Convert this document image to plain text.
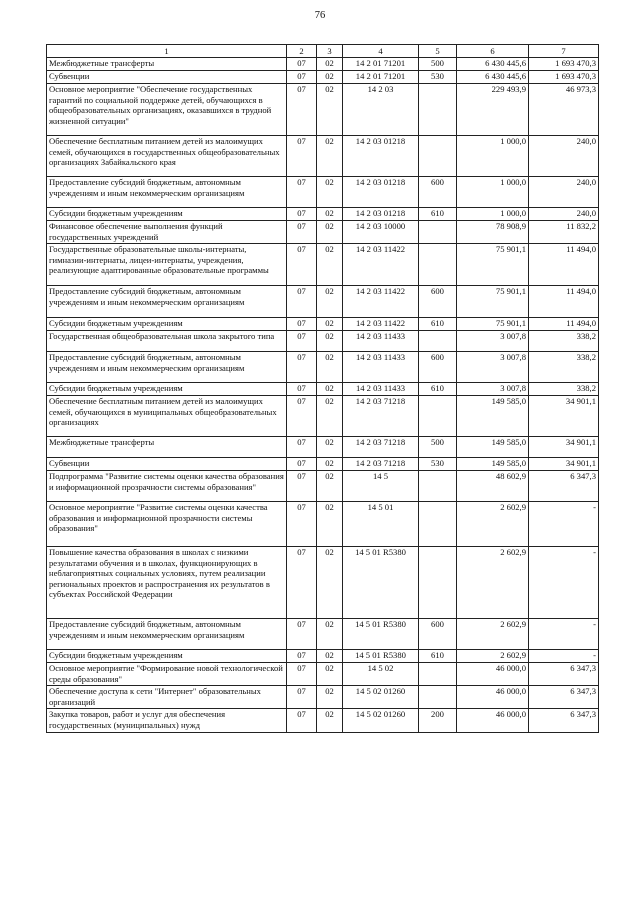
76
1	2	3	4	5	6	7
Межбюджетные трансферты	07	02	14 2 01 71201	500	6 430 445,6	1 693 470,3
Субвенции	07	02	14 2 01 71201	530	6 430 445,6	1 693 470,3
Основное мероприятие "Обеспечение государственных гарантий по социальной поддержке детей, обучающихся в общеобразовательных организациях, оказавшихся в трудной жизненной ситуации"	07	02	14 2 03		229 493,9	46 973,3
Обеспечение бесплатным питанием детей из малоимущих семей, обучающихся в государственных общеобразовательных организациях Забайкальского края	07	02	14 2 03 01218		1 000,0	240,0
Предоставление субсидий бюджетным, автономным учреждениям и иным некоммерческим организациям	07	02	14 2 03 01218	600	1 000,0	240,0
Субсидии бюджетным учреждениям	07	02	14 2 03 01218	610	1 000,0	240,0
Финансовое обеспечение выполнения функций государственных учреждений	07	02	14 2 03 10000		78 908,9	11 832,2
Государственные образовательные школы-интернаты, гимназии-интернаты, лицеи-интернаты, учреждения, реализующие адаптированные образовательные программы	07	02	14 2 03 11422		75 901,1	11 494,0
Предоставление субсидий бюджетным, автономным учреждениям и иным некоммерческим организациям	07	02	14 2 03 11422	600	75 901,1	11 494,0
Субсидии бюджетным учреждениям	07	02	14 2 03 11422	610	75 901,1	11 494,0
Государственная общеобразовательная школа закрытого типа	07	02	14 2 03 11433		3 007,8	338,2
Предоставление субсидий бюджетным, автономным учреждениям и иным некоммерческим организациям	07	02	14 2 03 11433	600	3 007,8	338,2
Субсидии бюджетным учреждениям	07	02	14 2 03 11433	610	3 007,8	338,2
Обеспечение бесплатным питанием детей из малоимущих семей, обучающихся в муниципальных общеобразовательных организациях	07	02	14 2 03 71218		149 585,0	34 901,1
Межбюджетные трансферты	07	02	14 2 03 71218	500	149 585,0	34 901,1
Субвенции	07	02	14 2 03 71218	530	149 585,0	34 901,1
Подпрограмма "Развитие системы оценки качества образования и информационной прозрачности системы образования"	07	02	14 5		48 602,9	6 347,3
Основное мероприятие "Развитие системы оценки качества образования и информационной прозрачности системы образования"	07	02	14 5 01		2 602,9	-
Повышение качества образования в школах с низкими результатами обучения и в школах, функционирующих в неблагоприятных социальных условиях, путем реализации региональных проектов и распространения их результатов в субъектах Российской Федерации	07	02	14 5 01 R5380		2 602,9	-
Предоставление субсидий бюджетным, автономным учреждениям и иным некоммерческим организациям	07	02	14 5 01 R5380	600	2 602,9	-
Субсидии бюджетным учреждениям	07	02	14 5 01 R5380	610	2 602,9	-
Основное мероприятие "Формирование новой технологической среды образования"	07	02	14 5 02		46 000,0	6 347,3
Обеспечение доступа к сети "Интернет" образовательных организаций	07	02	14 5 02 01260		46 000,0	6 347,3
Закупка товаров, работ и услуг для обеспечения государственных (муниципальных) нужд	07	02	14 5 02 01260	200	46 000,0	6 347,3
